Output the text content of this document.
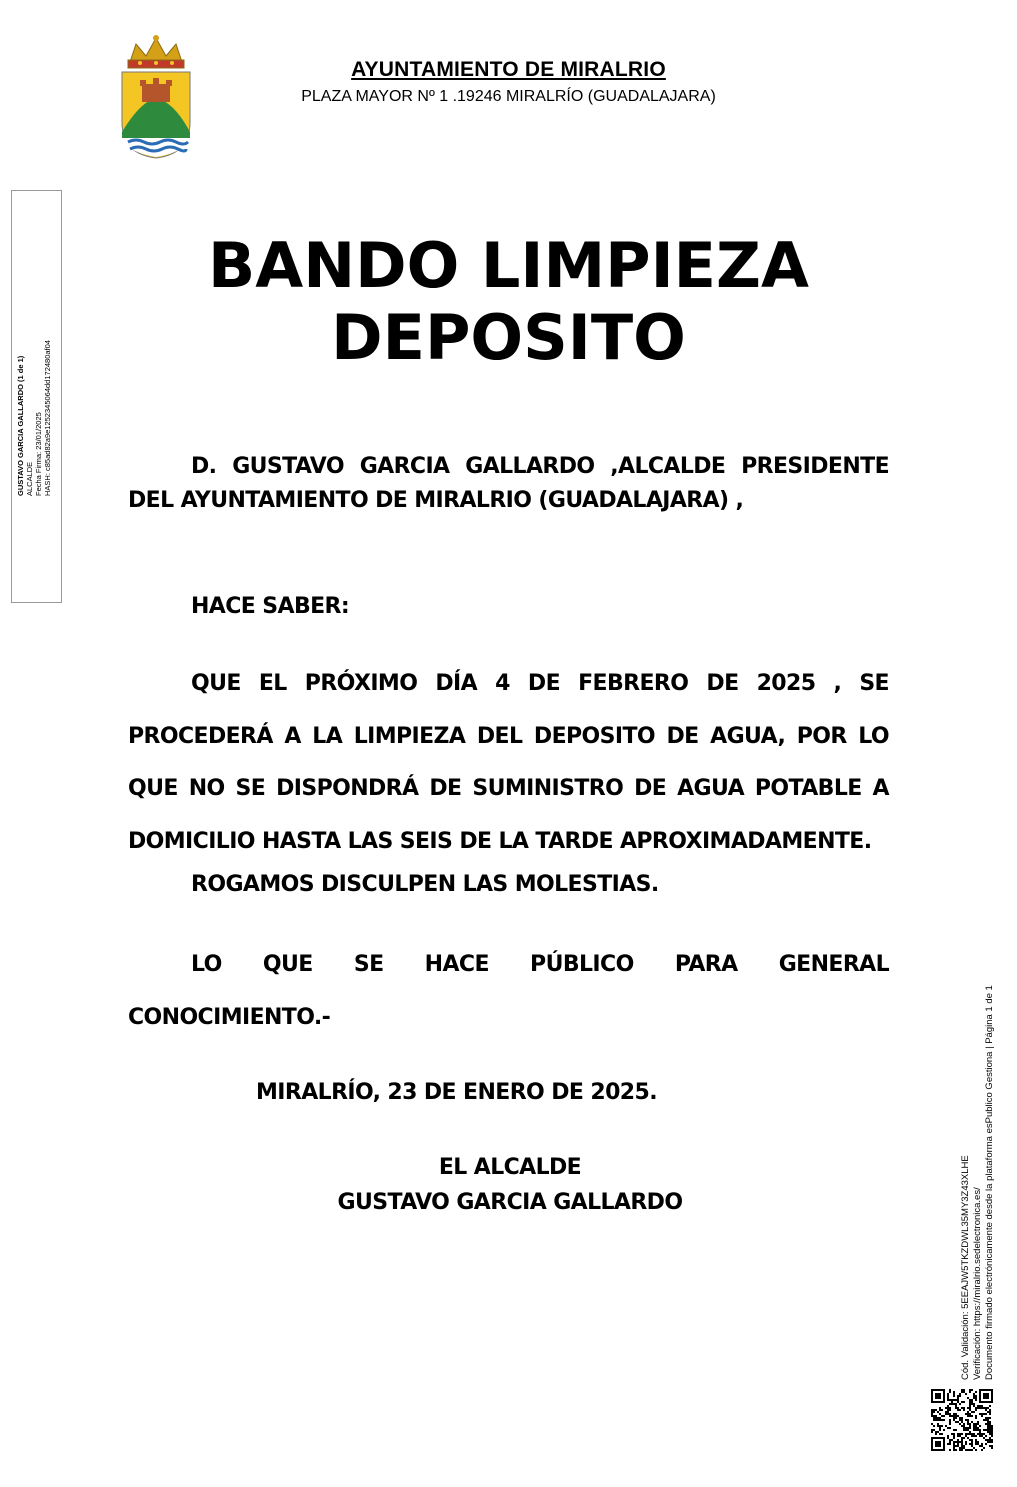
AYUNTAMIENTO DE MIRALRIO
PLAZA MAYOR Nº 1 .19246 MIRALRÍO (GUADALAJARA)
GUSTAVO GARCIA GALLARDO (1 de 1) ALCALDE Fecha Firma: 23/01/2025 HASH: c85ad82a9e1252345064dd172480af04
BANDO LIMPIEZA
DEPOSITO
D. GUSTAVO GARCIA GALLARDO ,ALCALDE PRESIDENTE DEL AYUNTAMIENTO DE MIRALRIO (GUADALAJARA) ,
HACE SABER:
QUE EL PRÓXIMO DÍA 4 DE FEBRERO DE 2025 , SE PROCEDERÁ A LA LIMPIEZA DEL DEPOSITO DE AGUA, POR LO QUE NO SE DISPONDRÁ DE SUMINISTRO DE AGUA POTABLE A DOMICILIO HASTA LAS SEIS DE LA TARDE APROXIMADAMENTE.
ROGAMOS DISCULPEN LAS MOLESTIAS.
LO QUE SE HACE PÚBLICO PARA GENERAL CONOCIMIENTO.-
MIRALRÍO, 23 DE ENERO DE 2025.
EL ALCALDE
GUSTAVO GARCIA GALLARDO	Cód. Validación: 5EEAJW5TKZDWL35MY3Z43XLHE Verificación: https://miralrio.sedelectronica.es/ Documento firmado electrónicamente desde la plataforma esPublico Gestiona | Página 1 de 1
